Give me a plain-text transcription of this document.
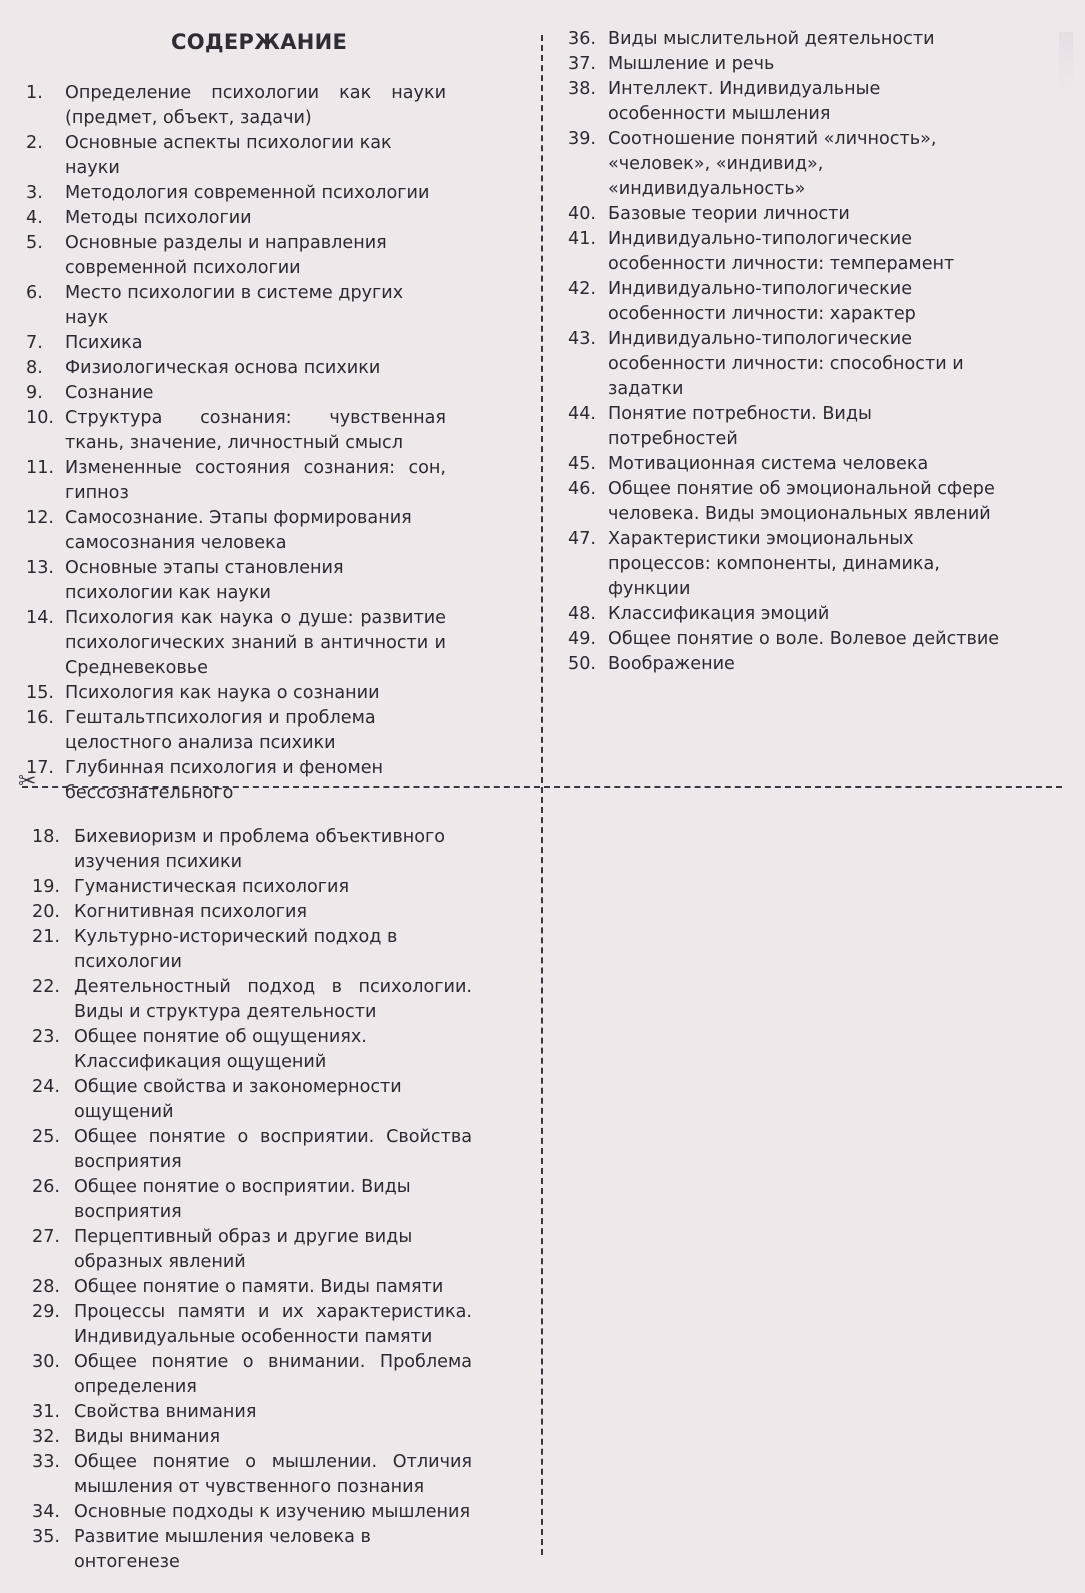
СОДЕРЖАНИЕ
1.	Определение психологии как науки (предмет, объект, задачи)
2.	Основные аспекты психологии как науки
3.	Методология современной психологии
4.	Методы психологии
5.	Основные разделы и направления современной психологии
6.	Место психологии в системе других наук
7.	Психика
8.	Физиологическая основа психики
9.	Сознание
10. Структура сознания: чувственная ткань, значение, личностный смысл
11. Измененные состояния сознания: сон, гипноз
12. Самосознание. Этапы формирования самосознания человека
13. Основные этапы становления психологии как науки
14. Психология как наука о душе: развитие психологических знаний в античности и Средневековье
15. Психология как наука о сознании
16. Гештальтпсихология и проблема целостного анализа психики
17. Глубинная психология и феномен бессознательного
36. Виды мыслительной деятельности
37. Мышление и речь
38. Интеллект. Индивидуальные особенности мышления
39. Соотношение понятий «личность», «человек», «индивид», «индивидуальность»
40. Базовые теории личности
41. Индивидуально-типологические особенности личности: темперамент
42. Индивидуально-типологические особенности личности: характер
43. Индивидуально-типологические особенности личности: способности и задатки
44. Понятие потребности. Виды потребностей
45. Мотивационная система человека
46. Общее понятие об эмоциональной сфере человека. Виды эмоциональных явлений
47. Характеристики эмоциональных процессов: компоненты, динамика, функции
48. Классификация эмоций
49. Общее понятие о воле. Волевое действие
50. Воображение
18. Бихевиоризм и проблема объективного изучения психики
19. Гуманистическая психология
20. Когнитивная психология
21. Культурно-исторический подход в психологии
22. Деятельностный подход в психологии. Виды и структура деятельности
23. Общее понятие об ощущениях. Классификация ощущений
24. Общие свойства и закономерности ощущений
25. Общее понятие о восприятии. Свойства восприятия
26. Общее понятие о восприятии. Виды восприятия
27. Перцептивный образ и другие виды образных явлений
28. Общее понятие о памяти. Виды памяти
29. Процессы памяти и их характеристика. Индивидуальные особенности памяти
30. Общее понятие о внимании. Проблема определения
31. Свойства внимания
32. Виды внимания
33. Общее понятие о мышлении. Отличия мышления от чувственного познания
34. Основные подходы к изучению мышления
35. Развитие мышления человека в онтогенезе
✂
